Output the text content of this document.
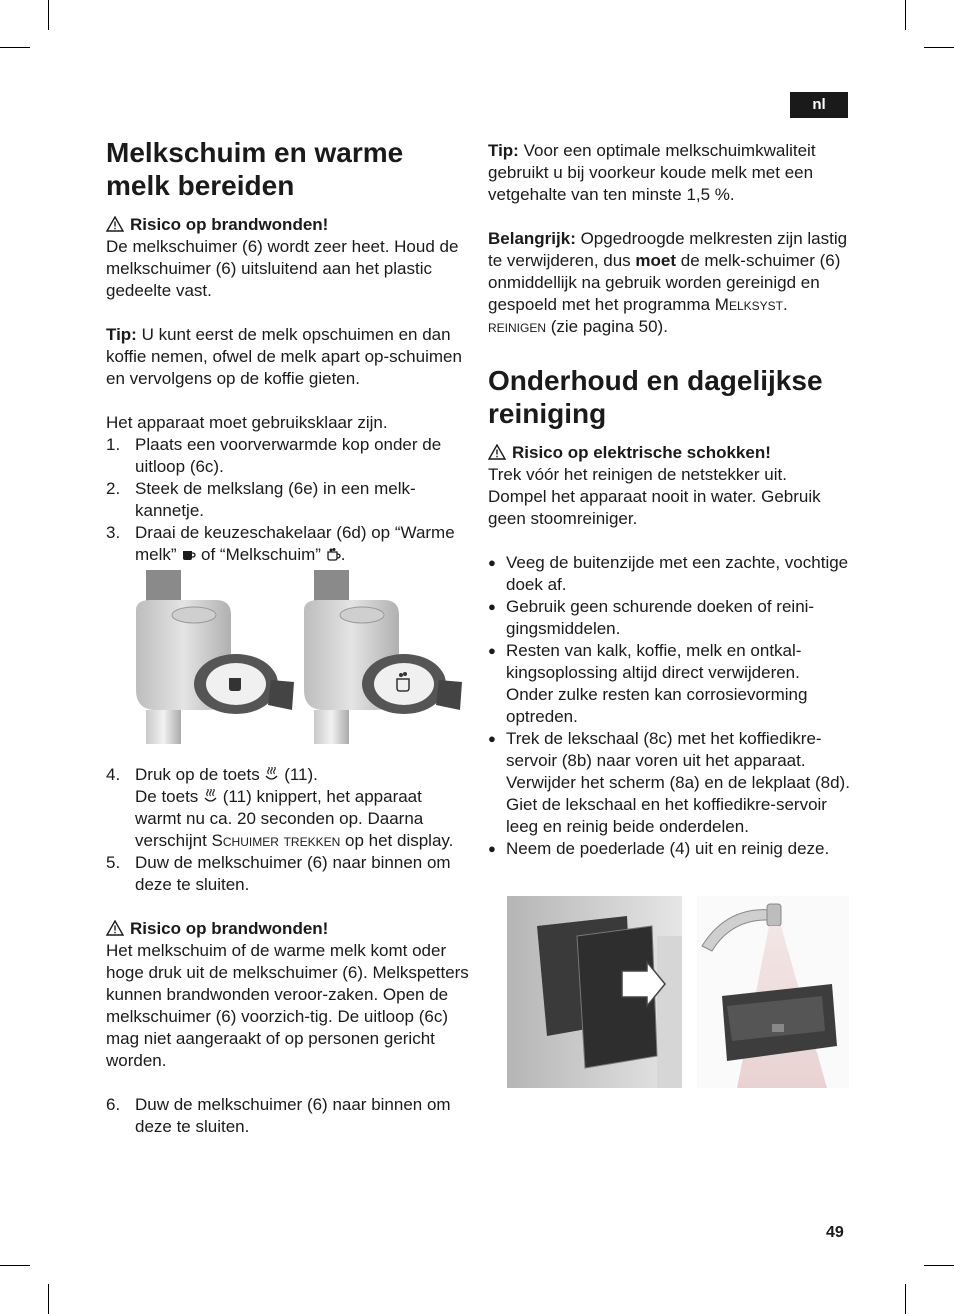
nl
Melkschuim en warme melk bereiden

Risico op brandwonden!

De melkschuimer (6) wordt zeer heet. Houd de melkschuimer (6) uitsluitend aan het plastic gedeelte vast.

Tip: U kunt eerst de melk opschuimen en dan koffie nemen, ofwel de melk apart op-schuimen en vervolgens op de koffie gieten.

Het apparaat moet gebruiksklaar zijn.

1. Plaats een voorverwarmde kop onder de uitloop (6c).
2. Steek de melkslang (6e) in een melk-kannetje.
3. Draai de keuzeschakelaar (6d) op “Warme melk”  of “Melkschuim” .
4. Druk op de toets  (11).
De toets  (11) knippert, het apparaat warmt nu ca. 20 seconden op. Daarna verschijnt Schuimer trekken op het display.
5. Duw de melkschuimer (6) naar binnen om deze te sluiten.

Risico op brandwonden!

Het melkschuim of de warme melk komt oder hoge druk uit de melkschuimer (6). Melkspetters kunnen brandwonden veroor-zaken. Open de melkschuimer (6) voorzich-tig. De uitloop (6c) mag niet aangeraakt of op personen gericht worden.

6. Duw de melkschuimer (6) naar binnen om deze te sluiten.

Tip: Voor een optimale melkschuimkwaliteit gebruikt u bij voorkeur koude melk met een vetgehalte van ten minste 1,5 %.

Belangrijk: Opgedroogde melkresten zijn lastig te verwijderen, dus moet de melk-schuimer (6) onmiddellijk na gebruik worden gereinigd en gespoeld met het programma Melksyst. reinigen (zie pagina 50).

Onderhoud en dagelijkse reiniging

Risico op elektrische schokken!

Trek vóór het reinigen de netstekker uit. Dompel het apparaat nooit in water. Gebruik geen stoomreiniger.

● Veeg de buitenzijde met een zachte, vochtige doek af.
● Gebruik geen schurende doeken of reini-gingsmiddelen.
● Resten van kalk, koffie, melk en ontkal-kingsoplossing altijd direct verwijderen. Onder zulke resten kan corrosievorming optreden.
● Trek de lekschaal (8c) met het koffiedikre-servoir (8b) naar voren uit het apparaat. Verwijder het scherm (8a) en de lekplaat (8d). Giet de lekschaal en het koffiedikre-servoir leeg en reinig beide onderdelen.
● Neem de poederlade (4) uit en reinig deze.
49
